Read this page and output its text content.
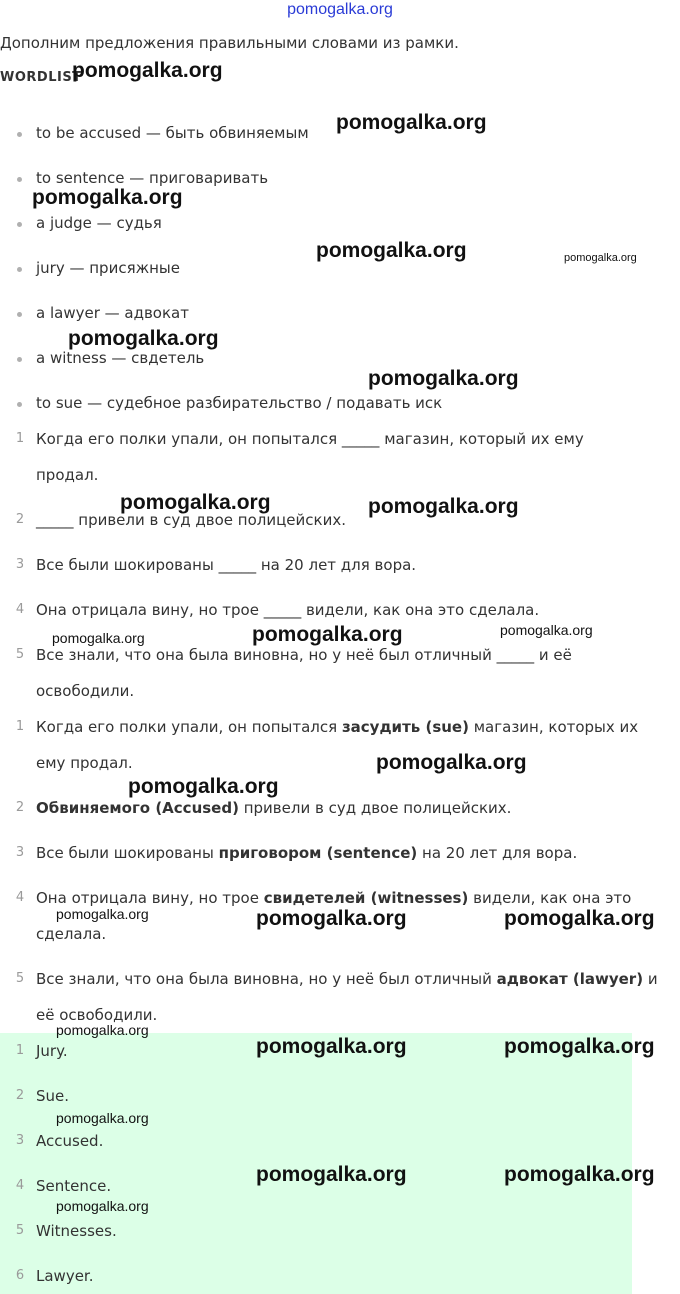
pomogalka.org
Дополним предложения правильными словами из рамки.
WORDLIST
to be accused — быть обвиняемым
to sentence — приговаривать
a judge — судья
jury — присяжные
a lawyer — адвокат
a witness — свдетель
to sue — судебное разбирательство / подавать иск
1 Когда его полки упали, он попытался _____ магазин, который их ему
продал.
2 _____ привели в суд двое полицейских.
3 Все были шокированы _____ на 20 лет для вора.
4 Она отрицала вину, но трое _____ видели, как она это сделала.
5 Все знали, что она была виновна, но у неё был отличный _____ и её
освободили.
1 Когда его полки упали, он попытался засудить (sue) магазин, которых их
ему продал.
2 Обвиняемого (Accused) привели в суд двое полицейских.
3 Все были шокированы приговором (sentence) на 20 лет для вора.
4 Она отрицала вину, но трое свидетелей (witnesses) видели, как она это
сделала.
5 Все знали, что она была виновна, но у неё был отличный адвокат (lawyer) и
её освободили.
1 Jury.
2 Sue.
3 Accused.
4 Sentence.
5 Witnesses.
6 Lawyer.
pomogalka.org
pomogalka.org
pomogalka.org
pomogalka.org	pomogalka.org
pomogalka.org
pomogalka.org
pomogalka.org	pomogalka.org
pomogalka.org	pomogalka.org	pomogalka.org
pomogalka.org
pomogalka.org
pomogalka.org	pomogalka.org	pomogalka.org
pomogalka.org
pomogalka.org	pomogalka.org
pomogalka.org
pomogalka.org	pomogalka.org
pomogalka.org
